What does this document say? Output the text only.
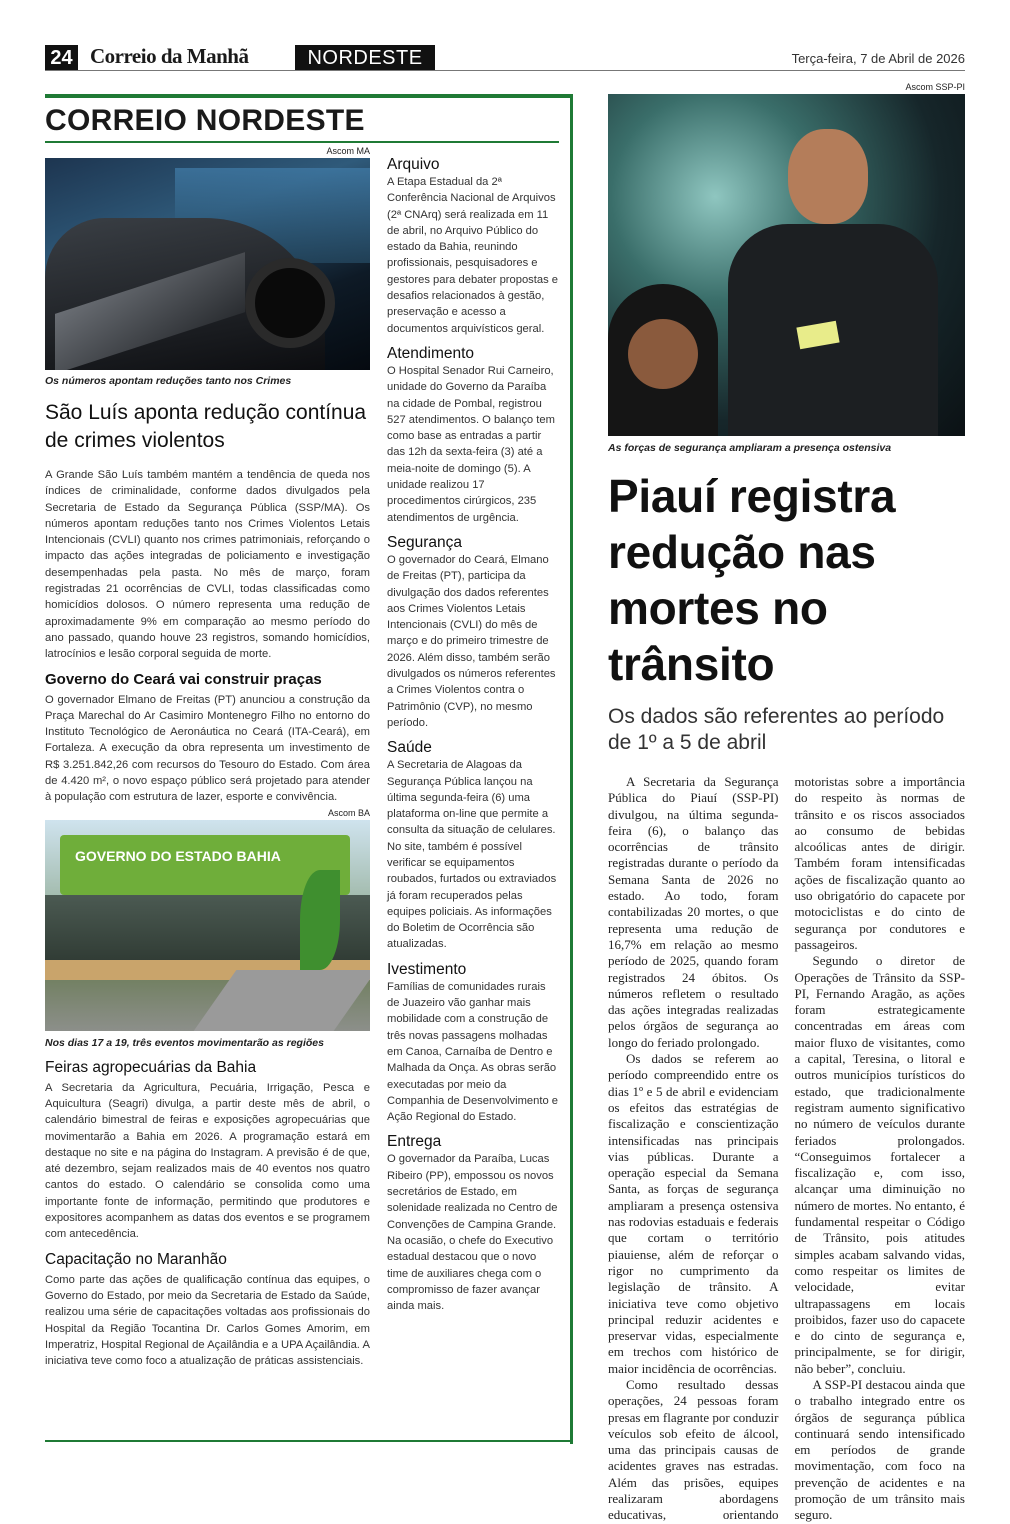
24 Correio da Manhã	NORDESTE	Terça-feira, 7 de Abril de 2026
CORREIO NORDESTE
Ascom MA
Os números apontam reduções tanto nos Crimes
São Luís aponta redução contínua de crimes violentos
A Grande São Luís também mantém a tendência de queda nos índices de criminalidade, conforme dados divulgados pela Secretaria de Estado da Segurança Pública (SSP/MA). Os números apontam reduções tanto nos Crimes Violentos Letais Intencionais (CVLI) quanto nos crimes patrimoniais, reforçando o impacto das ações integradas de policiamento e investigação desempenhadas pela pasta. No mês de março, foram registradas 21 ocorrências de CVLI, todas classificadas como homicídios dolosos. O número representa uma redução de aproximadamente 9% em comparação ao mesmo período do ano passado, quando houve 23 registros, somando homicídios, latrocínios e lesão corporal seguida de morte.
Governo do Ceará vai construir praças
O governador Elmano de Freitas (PT) anunciou a construção da Praça Marechal do Ar Casimiro Montenegro Filho no entorno do Instituto Tecnológico de Aeronáutica no Ceará (ITA-Ceará), em Fortaleza. A execução da obra representa um investimento de R$ 3.251.842,26 com recursos do Tesouro do Estado. Com área de 4.420 m², o novo espaço público será projetado para atender à população com estrutura de lazer, esporte e convivência.
Ascom BA
GOVERNO DO ESTADO BAHIA
Nos dias 17 a 19, três eventos movimentarão as regiões
Feiras agropecuárias da Bahia
A Secretaria da Agricultura, Pecuária, Irrigação, Pesca e Aquicultura (Seagri) divulga, a partir deste mês de abril, o calendário bimestral de feiras e exposições agropecuárias que movimentarão a Bahia em 2026. A programação estará em destaque no site e na página do Instagram. A previsão é de que, até dezembro, sejam realizados mais de 40 eventos nos quatro cantos do estado. O calendário se consolida como uma importante fonte de informação, permitindo que produtores e expositores acompanhem as datas dos eventos e se programem com antecedência.
Capacitação no Maranhão
Como parte das ações de qualificação contínua das equipes, o Governo do Estado, por meio da Secretaria de Estado da Saúde, realizou uma série de capacitações voltadas aos profissionais do Hospital da Região Tocantina Dr. Carlos Gomes Amorim, em Imperatriz, Hospital Regional de Açailândia e a UPA Açailândia. A iniciativa teve como foco a atualização de práticas assistenciais.
Arquivo
A Etapa Estadual da 2ª Conferência Nacional de Arquivos (2ª CNArq) será realizada em 11 de abril, no Arquivo Público do estado da Bahia, reunindo profissionais, pesquisadores e gestores para debater propostas e desafios relacionados à gestão, preservação e acesso a documentos arquivísticos geral.
Atendimento
O Hospital Senador Rui Carneiro, unidade do Governo da Paraíba na cidade de Pombal, registrou 527 atendimentos. O balanço tem como base as entradas a partir das 12h da sexta-feira (3) até a meia-noite de domingo (5). A unidade realizou 17 procedimentos cirúrgicos, 235 atendimentos de urgência.
Segurança
O governador do Ceará, Elmano de Freitas (PT), participa da divulgação dos dados referentes aos Crimes Violentos Letais Intencionais (CVLI) do mês de março e do primeiro trimestre de 2026. Além disso, também serão divulgados os números referentes a Crimes Violentos contra o Patrimônio (CVP), no mesmo período.
Saúde
A Secretaria de Alagoas da Segurança Pública lançou na última segunda-feira (6) uma plataforma on-line que permite a consulta da situação de celulares. No site, também é possível verificar se equipamentos roubados, furtados ou extraviados já foram recuperados pelas equipes policiais. As informações do Boletim de Ocorrência são atualizadas.
Ivestimento
Famílias de comunidades rurais de Juazeiro vão ganhar mais mobilidade com a construção de três novas passagens molhadas em Canoa, Carnaíba de Dentro e Malhada da Onça. As obras serão executadas por meio da Companhia de Desenvolvimento e Ação Regional do Estado.
Entrega
O governador da Paraíba, Lucas Ribeiro (PP), empossou os novos secretários de Estado, em solenidade realizada no Centro de Convenções de Campina Grande. Na ocasião, o chefe do Executivo estadual destacou que o novo time de auxiliares chega com o compromisso de fazer avançar ainda mais.
Ascom SSP-PI
As forças de segurança ampliaram a presença ostensiva
Piauí registra redução nas mortes no trânsito
Os dados são referentes ao período de 1º a 5 de abril

A Secretaria da Segurança Pública do Piauí (SSP-PI) divulgou, na última segunda-feira (6), o balanço das ocorrências de trânsito registradas durante o período da Semana Santa de 2026 no estado. Ao todo, foram contabilizadas 20 mortes, o que representa uma redução de 16,7% em relação ao mesmo período de 2025, quando foram registrados 24 óbitos. Os números refletem o resultado das ações integradas realizadas pelos órgãos de segurança ao longo do feriado prolongado.

Os dados se referem ao período compreendido entre os dias 1º e 5 de abril e evidenciam os efeitos das estratégias de fiscalização e conscientização intensificadas nas principais vias públicas. Durante a operação especial da Semana Santa, as forças de segurança ampliaram a presença ostensiva nas rodovias estaduais e federais que cortam o território piauiense, além de reforçar o rigor no cumprimento da legislação de trânsito. A iniciativa teve como objetivo principal reduzir acidentes e preservar vidas, especialmente em trechos com histórico de maior incidência de ocorrências.

Como resultado dessas operações, 24 pessoas foram presas em flagrante por conduzir veículos sob efeito de álcool, uma das principais causas de acidentes graves nas estradas. Além das prisões, equipes realizaram abordagens educativas, orientando motoristas sobre a importância do respeito às normas de trânsito e os riscos associados ao consumo de bebidas alcoólicas antes de dirigir. Também foram intensificadas ações de fiscalização quanto ao uso obrigatório do capacete por motociclistas e do cinto de segurança por condutores e passageiros.

Segundo o diretor de Operações de Trânsito da SSP-PI, Fernando Aragão, as ações foram estrategicamente concentradas em áreas com maior fluxo de visitantes, como a capital, Teresina, o litoral e outros municípios turísticos do estado, que tradicionalmente registram aumento significativo no número de veículos durante feriados prolongados. “Conseguimos fortalecer a fiscalização e, com isso, alcançar uma diminuição no número de mortes. No entanto, é fundamental respeitar o Código de Trânsito, pois atitudes simples acabam salvando vidas, como respeitar os limites de velocidade, evitar ultrapassagens em locais proibidos, fazer uso do capacete e do cinto de segurança e, principalmente, se for dirigir, não beber”, concluiu.

A SSP-PI destacou ainda que o trabalho integrado entre os órgãos de segurança pública continuará sendo intensificado em períodos de grande movimentação, com foco na prevenção de acidentes e na promoção de um trânsito mais seguro.
